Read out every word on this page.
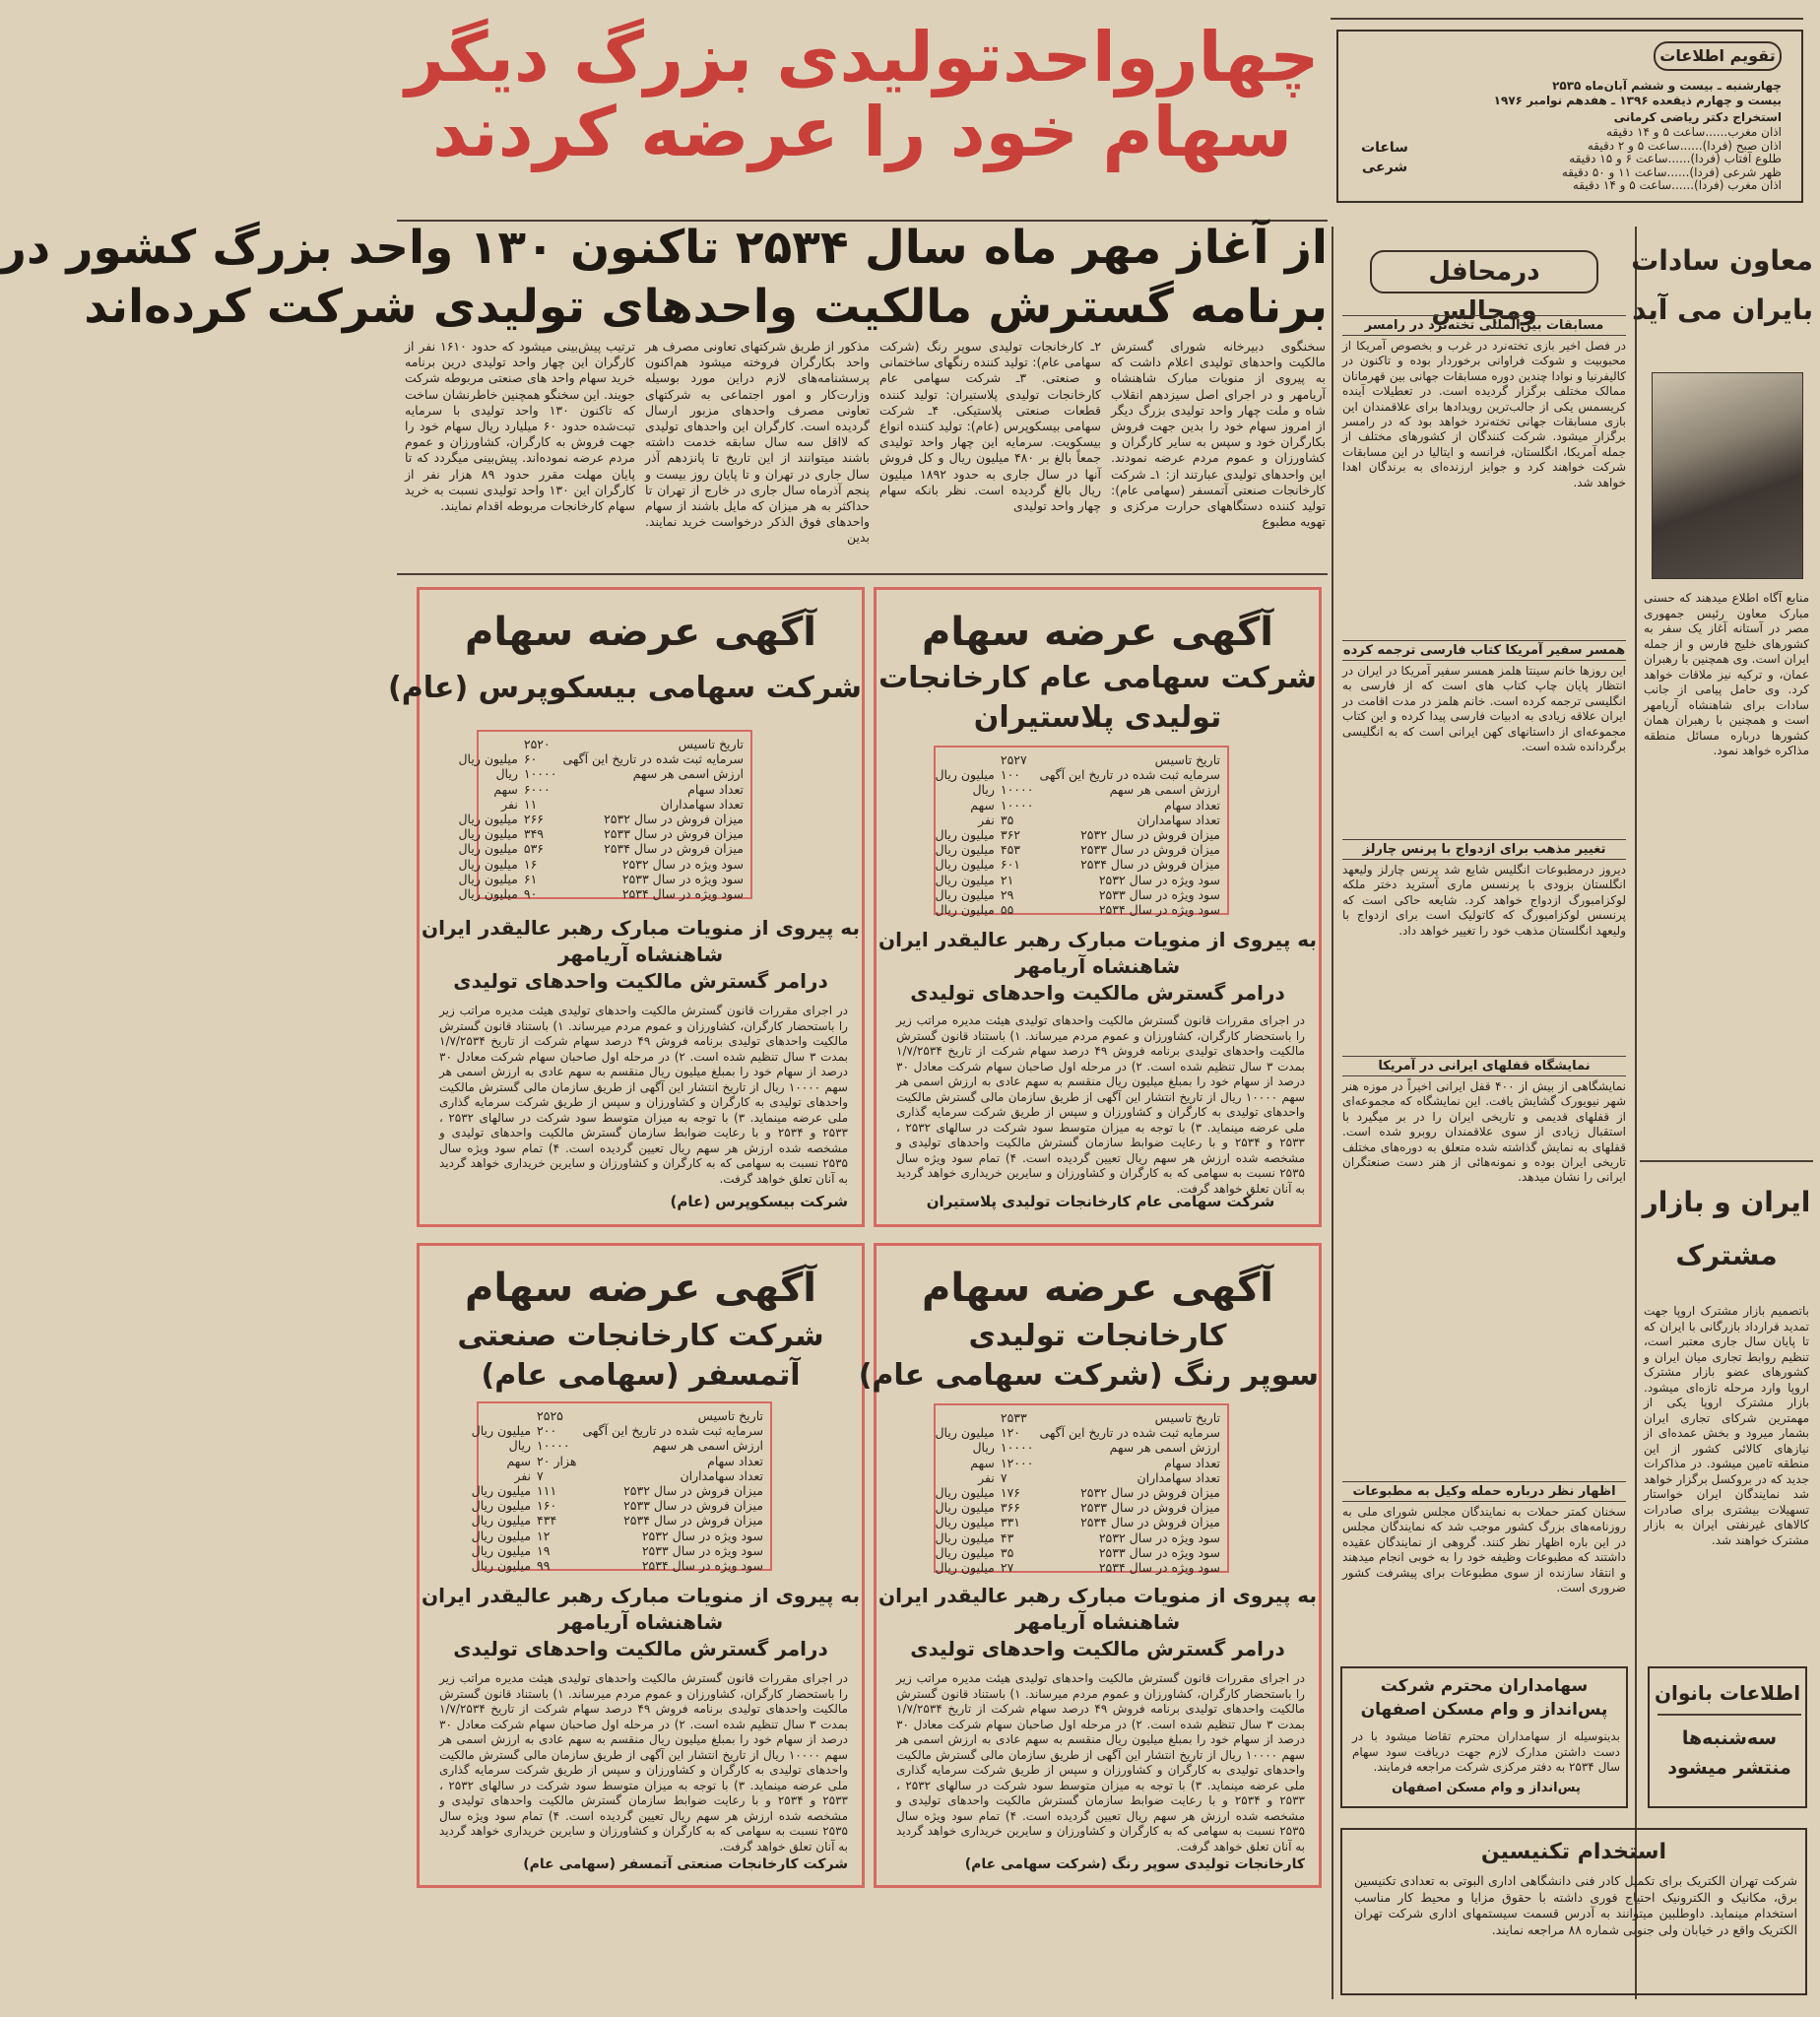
چهارواحدتولیدی بزرگ دیگر
سهام خود را عرضه کردند
از آغاز مهر ماه سال ۲۵۳۴ تاکنون ۱۳۰ واحد بزرگ کشور در
برنامه گسترش مالکیت واحدهای تولیدی شرکت کرده‌اند
تقویم اطلاعات
چهارشنبه ـ بیست و ششم آبان‌ماه ۲۵۳۵
بیست و چهارم ذیقعده ۱۳۹۶ ـ هفدهم نوامبر ۱۹۷۶
استخراج دکتر ریاضی کرمانی
اذان مغرب......ساعت ۵ و ۱۴ دقیقه
اذان صبح (فردا)......ساعت ۵ و ۲ دقیقه
طلوع آفتاب (فردا)......ساعت ۶ و ۱۵ دقیقه
ظهر شرعی (فردا)......ساعت ۱۱ و ۵۰ دقیقه
اذان مغرب (فردا)......ساعت ۵ و ۱۴ دقیقه
ساعات شرعی
سخنگوی دبیرخانه شورای گسترش مالکیت واحدهای تولیدی اعلام داشت که به پیروی از منویات مبارک شاهنشاه آریامهر و در اجرای اصل سیزدهم انقلاب شاه و ملت چهار واحد تولیدی بزرگ دیگر از امروز سهام خود را بدین جهت فروش بکارگران خود و سپس به سایر کارگران و کشاورزان و عموم مردم عرضه نمودند. این واحدهای تولیدی عبارتند از: ۱ـ شرکت کارخانجات صنعتی آتمسفر (سهامی عام): تولید کننده دستگاههای حرارت مرکزی و تهویه مطبوع
۲ـ کارخانجات تولیدی سوپر رنگ (شرکت سهامی عام): تولید کننده رنگهای ساختمانی و صنعتی. ۳ـ شرکت سهامی عام کارخانجات تولیدی پلاستیران: تولید کننده قطعات صنعتی پلاستیکی. ۴ـ شرکت سهامی بیسکوپرس (عام): تولید کننده انواع بیسکویت. سرمایه این چهار واحد تولیدی جمعاً بالغ بر ۴۸۰ میلیون ریال و کل فروش آنها در سال جاری به حدود ۱۸۹۲ میلیون ریال بالغ گردیده است. نظر بانکه سهام چهار واحد تولیدی
مذکور از طریق شرکتهای تعاونی مصرف هر واحد بکارگران فروخته میشود هم‌اکنون پرسشنامه‌های لازم دراین مورد بوسیله وزارت‌کار و امور اجتماعی به شرکتهای تعاونی مصرف واحدهای مزبور ارسال گردیده است. کارگران این واحدهای تولیدی که لااقل سه سال سابقه خدمت داشته باشند میتوانند از این تاریخ تا پانزدهم آذر سال جاری در تهران و تا پایان روز بیست و پنجم آذرماه سال جاری در خارج از تهران تا حداکثر به هر میزان که مایل باشند از سهام واحدهای فوق الذکر درخواست خرید نمایند. بدین
ترتیب پیش‌بینی میشود که حدود ۱۶۱۰ نفر از کارگران این چهار واحد تولیدی درین برنامه خرید سهام واحد های صنعتی مربوطه شرکت جویند. این سخنگو همچنین خاطرنشان ساخت که تاکنون ۱۳۰ واحد تولیدی با سرمایه تبت‌شده حدود ۶۰ میلیارد ریال سهام خود را جهت فروش به کارگران، کشاورزان و عموم مردم عرضه نموده‌اند. پیش‌بینی میگردد که تا پایان مهلت مقرر حدود ۸۹ هزار نفر از کارگران این ۱۳۰ واحد تولیدی نسبت به خرید سهام کارخانجات مربوطه اقدام نمایند.
آگهی عرضه سهام
شرکت سهامی بیسکوپرس (عام)
تاریخ تاسیس	۲۵۲۰	
سرمایه ثبت شده در تاریخ این آگهی	۶۰	میلیون ریال
ارزش اسمی هر سهم	۱۰۰۰۰	ریال
تعداد سهام	۶۰۰۰	سهم
تعداد سهامداران	۱۱	نفر
میزان فروش در سال ۲۵۳۲	۲۶۶	میلیون ریال
میزان فروش در سال ۲۵۳۳	۳۴۹	میلیون ریال
میزان فروش در سال ۲۵۳۴	۵۳۶	میلیون ریال
سود ویژه در سال ۲۵۳۲	۱۶	میلیون ریال
سود ویژه در سال ۲۵۳۳	۶۱	میلیون ریال
سود ویژه در سال ۲۵۳۴	۹۰	میلیون ریال
به پیروی از منویات مبارک رهبر عالیقدر ایران
شاهنشاه آریامهر
درامر گسترش مالکیت واحدهای تولیدی
در اجرای مقررات قانون گسترش مالکیت واحدهای تولیدی هیئت مدیره مراتب زیر را باستحضار کارگران، کشاورزان و عموم مردم میرساند. ۱) باستناد قانون گسترش مالکیت واحدهای تولیدی برنامه فروش ۴۹ درصد سهام شرکت از تاریخ ۱/۷/۲۵۳۴ بمدت ۳ سال تنظیم شده است. ۲) در مرحله اول صاحبان سهام شرکت معادل ۳۰ درصد از سهام خود را بمبلغ میلیون ریال منقسم به سهم عادی به ارزش اسمی هر سهم ۱۰۰۰۰ ریال از تاریخ انتشار این آگهی از طریق سازمان مالی گسترش مالکیت واحدهای تولیدی به کارگران و کشاورزان و سپس از طریق شرکت سرمایه گذاری ملی عرضه مینماید. ۳) با توجه به میزان متوسط سود شرکت در سالهای ۲۵۳۲ ، ۲۵۳۳ و ۲۵۳۴ و با رعایت ضوابط سازمان گسترش مالکیت واحدهای تولیدی و مشخصه شده ارزش هر سهم ریال تعیین گردیده است. ۴) تمام سود ویژه سال ۲۵۳۵ نسبت به سهامی که به کارگران و کشاورزان و سایرین خریداری خواهد گردید به آنان تعلق خواهد گرفت.
شرکت بیسکوپرس (عام)
آگهی عرضه سهام
شرکت سهامی عام کارخانجات
تولیدی پلاستیران
تاریخ تاسیس	۲۵۲۷	
سرمایه ثبت شده در تاریخ این آگهی	۱۰۰	میلیون ریال
ارزش اسمی هر سهم	۱۰۰۰۰	ریال
تعداد سهام	۱۰۰۰۰	سهم
تعداد سهامداران	۳۵	نفر
میزان فروش در سال ۲۵۳۲	۳۶۲	میلیون ریال
میزان فروش در سال ۲۵۳۳	۴۵۳	میلیون ریال
میزان فروش در سال ۲۵۳۴	۶۰۱	میلیون ریال
سود ویژه در سال ۲۵۳۲	۲۱	میلیون ریال
سود ویژه در سال ۲۵۳۳	۲۹	میلیون ریال
سود ویژه در سال ۲۵۳۴	۵۵	میلیون ریال
به پیروی از منویات مبارک رهبر عالیقدر ایران
شاهنشاه آریامهر
درامر گسترش مالکیت واحدهای تولیدی
در اجرای مقررات قانون گسترش مالکیت واحدهای تولیدی هیئت مدیره مراتب زیر را باستحضار کارگران، کشاورزان و عموم مردم میرساند. ۱) باستناد قانون گسترش مالکیت واحدهای تولیدی برنامه فروش ۴۹ درصد سهام شرکت از تاریخ ۱/۷/۲۵۳۴ بمدت ۳ سال تنظیم شده است. ۲) در مرحله اول صاحبان سهام شرکت معادل ۳۰ درصد از سهام خود را بمبلغ میلیون ریال منقسم به سهم عادی به ارزش اسمی هر سهم ۱۰۰۰۰ ریال از تاریخ انتشار این آگهی از طریق سازمان مالی گسترش مالکیت واحدهای تولیدی به کارگران و کشاورزان و سپس از طریق شرکت سرمایه گذاری ملی عرضه مینماید. ۳) با توجه به میزان متوسط سود شرکت در سالهای ۲۵۳۲ ، ۲۵۳۳ و ۲۵۳۴ و با رعایت ضوابط سازمان گسترش مالکیت واحدهای تولیدی و مشخصه شده ارزش هر سهم ریال تعیین گردیده است. ۴) تمام سود ویژه سال ۲۵۳۵ نسبت به سهامی که به کارگران و کشاورزان و سایرین خریداری خواهد گردید به آنان تعلق خواهد گرفت.
شرکت سهامی عام کارخانجات تولیدی پلاستیران
آگهی عرضه سهام
شرکت کارخانجات صنعتی
آتمسفر (سهامی عام)
تاریخ تاسیس	۲۵۲۵	
سرمایه ثبت شده در تاریخ این آگهی	۲۰۰	میلیون ریال
ارزش اسمی هر سهم	۱۰۰۰۰	ریال
تعداد سهام	۲۰ هزار	سهم
تعداد سهامداران	۷	نفر
میزان فروش در سال ۲۵۳۲	۱۱۱	میلیون ریال
میزان فروش در سال ۲۵۳۳	۱۶۰	میلیون ریال
میزان فروش در سال ۲۵۳۴	۴۳۴	میلیون ریال
سود ویژه در سال ۲۵۳۲	۱۲	میلیون ریال
سود ویژه در سال ۲۵۳۳	۱۹	میلیون ریال
سود ویژه در سال ۲۵۳۴	۹۹	میلیون ریال
به پیروی از منویات مبارک رهبر عالیقدر ایران
شاهنشاه آریامهر
درامر گسترش مالکیت واحدهای تولیدی
در اجرای مقررات قانون گسترش مالکیت واحدهای تولیدی هیئت مدیره مراتب زیر را باستحضار کارگران، کشاورزان و عموم مردم میرساند. ۱) باستناد قانون گسترش مالکیت واحدهای تولیدی برنامه فروش ۴۹ درصد سهام شرکت از تاریخ ۱/۷/۲۵۳۴ بمدت ۳ سال تنظیم شده است. ۲) در مرحله اول صاحبان سهام شرکت معادل ۳۰ درصد از سهام خود را بمبلغ میلیون ریال منقسم به سهم عادی به ارزش اسمی هر سهم ۱۰۰۰۰ ریال از تاریخ انتشار این آگهی از طریق سازمان مالی گسترش مالکیت واحدهای تولیدی به کارگران و کشاورزان و سپس از طریق شرکت سرمایه گذاری ملی عرضه مینماید. ۳) با توجه به میزان متوسط سود شرکت در سالهای ۲۵۳۲ ، ۲۵۳۳ و ۲۵۳۴ و با رعایت ضوابط سازمان گسترش مالکیت واحدهای تولیدی و مشخصه شده ارزش هر سهم ریال تعیین گردیده است. ۴) تمام سود ویژه سال ۲۵۳۵ نسبت به سهامی که به کارگران و کشاورزان و سایرین خریداری خواهد گردید به آنان تعلق خواهد گرفت.
شرکت کارخانجات صنعتی آتمسفر (سهامی عام)
آگهی عرضه سهام
کارخانجات تولیدی
سوپر رنگ (شرکت سهامی عام)
تاریخ تاسیس	۲۵۳۳	
سرمایه ثبت شده در تاریخ این آگهی	۱۲۰	میلیون ریال
ارزش اسمی هر سهم	۱۰۰۰۰	ریال
تعداد سهام	۱۲۰۰۰	سهم
تعداد سهامداران	۷	نفر
میزان فروش در سال ۲۵۳۲	۱۷۶	میلیون ریال
میزان فروش در سال ۲۵۳۳	۳۶۶	میلیون ریال
میزان فروش در سال ۲۵۳۴	۳۳۱	میلیون ریال
سود ویژه در سال ۲۵۳۲	۴۳	میلیون ریال
سود ویژه در سال ۲۵۳۳	۳۵	میلیون ریال
سود ویژه در سال ۲۵۳۴	۲۷	میلیون ریال
به پیروی از منویات مبارک رهبر عالیقدر ایران
شاهنشاه آریامهر
درامر گسترش مالکیت واحدهای تولیدی
در اجرای مقررات قانون گسترش مالکیت واحدهای تولیدی هیئت مدیره مراتب زیر را باستحضار کارگران، کشاورزان و عموم مردم میرساند. ۱) باستناد قانون گسترش مالکیت واحدهای تولیدی برنامه فروش ۴۹ درصد سهام شرکت از تاریخ ۱/۷/۲۵۳۴ بمدت ۳ سال تنظیم شده است. ۲) در مرحله اول صاحبان سهام شرکت معادل ۳۰ درصد از سهام خود را بمبلغ میلیون ریال منقسم به سهم عادی به ارزش اسمی هر سهم ۱۰۰۰۰ ریال از تاریخ انتشار این آگهی از طریق سازمان مالی گسترش مالکیت واحدهای تولیدی به کارگران و کشاورزان و سپس از طریق شرکت سرمایه گذاری ملی عرضه مینماید. ۳) با توجه به میزان متوسط سود شرکت در سالهای ۲۵۳۲ ، ۲۵۳۳ و ۲۵۳۴ و با رعایت ضوابط سازمان گسترش مالکیت واحدهای تولیدی و مشخصه شده ارزش هر سهم ریال تعیین گردیده است. ۴) تمام سود ویژه سال ۲۵۳۵ نسبت به سهامی که به کارگران و کشاورزان و سایرین خریداری خواهد گردید به آنان تعلق خواهد گرفت.
کارخانجات تولیدی سوپر رنگ (شرکت سهامی عام)
درمحافل ومجالس
مسابقات بین‌المللی تخته‌نرد در رامسر
در فصل اخیر بازی تخته‌نرد در غرب و بخصوص آمریکا از محبوبیت و شوکت فراوانی برخوردار بوده و تاکنون در کالیفرنیا و نوادا چندین دوره مسابقات جهانی بین قهرمانان ممالک مختلف برگزار گردیده است. در تعطیلات آینده کریسمس یکی از جالب‌ترین رویدادها برای علاقمندان این بازی مسابقات جهانی تخته‌نرد خواهد بود که در رامسر برگزار میشود. شرکت کنندگان از کشورهای مختلف از جمله آمریکا، انگلستان، فرانسه و ایتالیا در این مسابقات شرکت خواهند کرد و جوایز ارزنده‌ای به برندگان اهدا خواهد شد.
همسر سفیر آمریکا کتاب فارسی ترجمه کرده
این روزها خانم سینتا هلمز همسر سفیر آمریکا در ایران در انتظار پایان چاپ کتاب های است که از فارسی به انگلیسی ترجمه کرده است. خانم هلمز در مدت اقامت در ایران علاقه زیادی به ادبیات فارسی پیدا کرده و این کتاب مجموعه‌ای از داستانهای کهن ایرانی است که به انگلیسی برگردانده شده است.
تغییر مذهب برای ازدواج با پرنس چارلز
دیروز درمطبوعات انگلیس شایع شد پرنس چارلز ولیعهد انگلستان بزودی با پرنسس ماری آسترید دختر ملکه لوکزامبورگ ازدواج خواهد کرد. شایعه حاکی است که پرنسس لوکزامبورگ که کاتولیک است برای ازدواج با ولیعهد انگلستان مذهب خود را تغییر خواهد داد.
نمایشگاه قفلهای ایرانی در آمریکا
نمایشگاهی از بیش از ۴۰۰ قفل ایرانی اخیراً در موزه هنر شهر نیویورک گشایش یافت. این نمایشگاه که مجموعه‌ای از قفلهای قدیمی و تاریخی ایران را در بر میگیرد با استقبال زیادی از سوی علاقمندان روبرو شده است. قفلهای به نمایش گذاشته شده متعلق به دوره‌های مختلف تاریخی ایران بوده و نمونه‌هائی از هنر دست صنعتگران ایرانی را نشان میدهد.
اظهار نظر درباره حمله وکیل به مطبوعات
سخنان کمتر حملات به نمایندگان مجلس شورای ملی به روزنامه‌های بزرگ کشور موجب شد که نمایندگان مجلس در این باره اظهار نظر کنند. گروهی از نمایندگان عقیده داشتند که مطبوعات وظیفه خود را به خوبی انجام میدهند و انتقاد سازنده از سوی مطبوعات برای پیشرفت کشور ضروری است.
معاون سادات
بایران می آید
منابع آگاه اطلاع میدهند که حسنی مبارک معاون رئیس جمهوری مصر در آستانه آغاز یک سفر به کشورهای خلیج فارس و از جمله ایران است. وی همچنین با رهبران عمان، و ترکیه نیز ملاقات خواهد کرد. وی حامل پیامی از جانب سادات برای شاهنشاه آریامهر است و همچنین با رهبران همان کشورها درباره مسائل منطقه مذاکره خواهد نمود.
ایران و بازار
مشترک
باتصمیم بازار مشترک اروپا جهت تمدید قرارداد بازرگانی با ایران که تا پایان سال جاری معتبر است، تنظیم روابط تجاری میان ایران و کشورهای عضو بازار مشترک اروپا وارد مرحله تازه‌ای میشود. بازار مشترک اروپا یکی از مهمترین شرکای تجاری ایران بشمار میرود و بخش عمده‌ای از نیازهای کالائی کشور از این منطقه تامین میشود. در مذاکرات جدید که در بروکسل برگزار خواهد شد نمایندگان ایران خواستار تسهیلات بیشتری برای صادرات کالاهای غیرنفتی ایران به بازار مشترک خواهند شد.
سهامداران محترم شرکت
پس‌انداز و وام مسکن اصفهان
بدینوسیله از سهامداران محترم تقاضا میشود با در دست داشتن مدارک لازم جهت دریافت سود سهام سال ۲۵۳۴ به دفتر مرکزی شرکت مراجعه فرمایند.
پس‌انداز و وام مسکن اصفهان
اطلاعات بانوان
سه‌شنبه‌ها منتشر میشود
استخدام تکنیسین
شرکت تهران الکتریک برای تکمیل کادر فنی دانشگاهی اداری البوتی به تعدادی تکنیسین برق، مکانیک و الکترونیک احتیاج فوری داشته با حقوق مزایا و محیط کار مناسب استخدام مینماید. داوطلبین میتوانند به آدرس قسمت سیستمهای اداری شرکت تهران الکتریک واقع در خیابان ولی جنوبی شماره ۸۸ مراجعه نمایند.
